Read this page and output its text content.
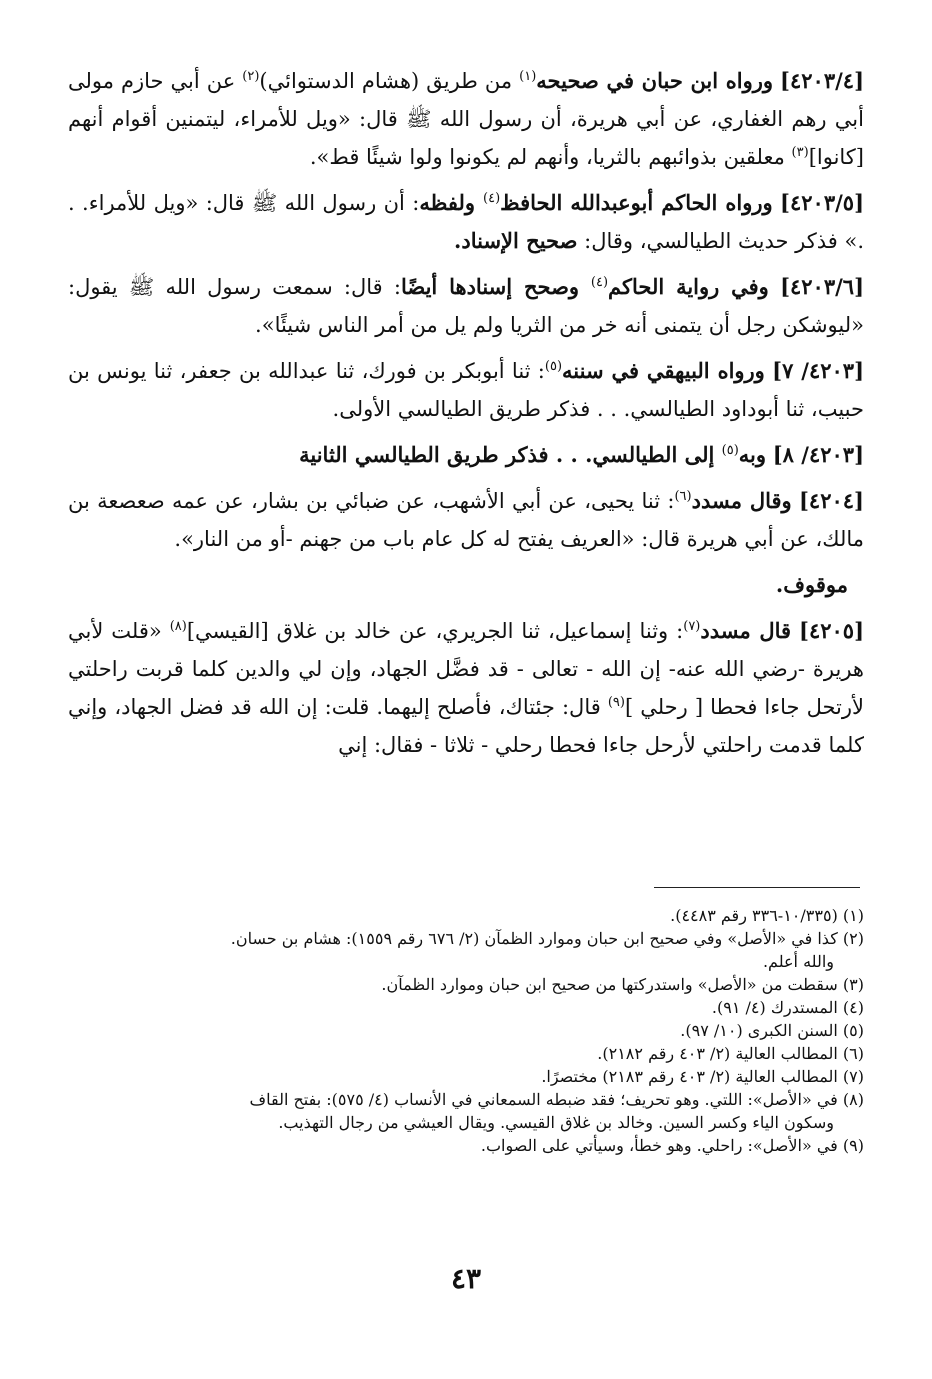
[٤٢٠٣/٤] ورواه ابن حبان في صحيحه$^{(١)}$ من طريق (هشام الدستوائي)$^{(٢)}$ عن أبي حازم مولى أبي رهم الغفاري، عن أبي هريرة، أن رسول الله ﷺ قال: «ويل للأمراء، ليتمنين أقوام أنهم [كانوا]$^{(٣)}$ معلقين بذوائبهم بالثريا، وأنهم لم يكونوا ولوا شيئًا قط».

[٤٢٠٣/٥] ورواه الحاكم أبوعبدالله الحافظ$^{(٤)}$ ولفظه: أن رسول الله ﷺ قال: «ويل للأمراء. . .» فذكر حديث الطيالسي، وقال: صحيح الإسناد.

[٤٢٠٣/٦] وفي رواية الحاكم$^{(٤)}$ وصحح إسنادها أيضًا: قال: سمعت رسول الله ﷺ يقول: «ليوشكن رجل أن يتمنى أنه خر من الثريا ولم يل من أمر الناس شيئًا».

[٤٢٠٣/ ٧] ورواه البيهقي في سننه$^{(٥)}$: ثنا أبوبكر بن فورك، ثنا عبدالله بن جعفر، ثنا يونس بن حبيب، ثنا أبوداود الطيالسي. . . فذكر طريق الطيالسي الأولى.

[٤٢٠٣/ ٨] وبه$^{(٥)}$ إلى الطيالسي. . . فذكر طريق الطيالسي الثانية

[٤٢٠٤] وقال مسدد$^{(٦)}$: ثنا يحيى، عن أبي الأشهب، عن ضبائي بن بشار، عن عمه صعصعة بن مالك، عن أبي هريرة قال: «العريف يفتح له كل عام باب من جهنم -أو من النار».

موقوف.

[٤٢٠٥] قال مسدد$^{(٧)}$: وثنا إسماعيل، ثنا الجريري، عن خالد بن غلاق [القيسي]$^{(٨)}$ «قلت لأبي هريرة -رضي الله عنه- إن الله - تعالى - قد فضَّل الجهاد، وإن لي والدين كلما قربت راحلتي لأرتحل جاءا فحطا [ رحلي ]$^{(٩)}$ قال: جئتاك، فأصلح إليهما. قلت: إن الله قد فضل الجهاد، وإني كلما قدمت راحلتي لأرحل جاءا فحطا رحلي - ثلاثا - فقال: إني

(١) (١٠/٣٣٥-٣٣٦ رقم ٤٤٨٣).
(٢) كذا في «الأصل» وفي صحيح ابن حبان وموارد الظمآن (٢/ ٦٧٦ رقم ١٥٥٩): هشام بن حسان.
والله أعلم.
(٣) سقطت من «الأصل» واستدركتها من صحيح ابن حبان وموارد الظمآن.
(٤) المستدرك (٤/ ٩١).
(٥) السنن الكبرى (١٠/ ٩٧).
(٦) المطالب العالية (٢/ ٤٠٣ رقم ٢١٨٢).
(٧) المطالب العالية (٢/ ٤٠٣ رقم ٢١٨٣) مختصرًا.
(٨) في «الأصل»: اللتي. وهو تحريف؛ فقد ضبطه السمعاني في الأنساب (٤/ ٥٧٥): بفتح القاف
وسكون الياء وكسر السين. وخالد بن غلاق القيسي. ويقال العيشي من رجال التهذيب.
(٩) في «الأصل»: راحلي. وهو خطأ، وسيأتي على الصواب.
٤٣
